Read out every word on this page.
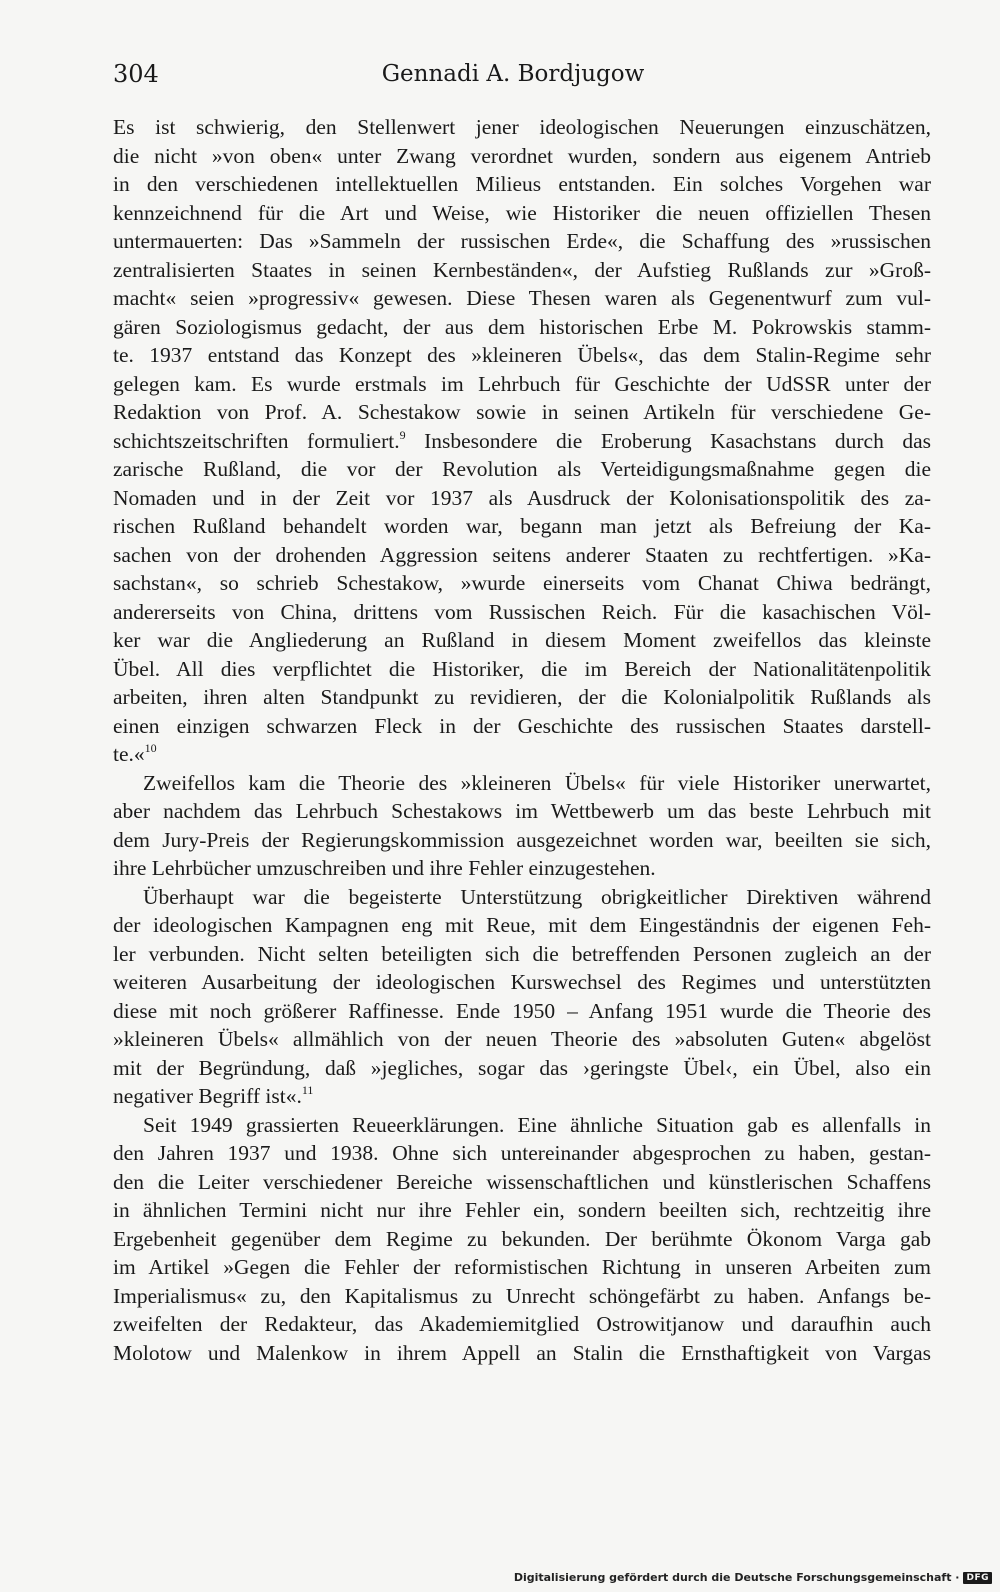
304	Gennadi A. Bordjugow
Es ist schwierig, den Stellenwert jener ideologischen Neuerungen einzuschätzen,
die nicht »von oben« unter Zwang verordnet wurden, sondern aus eigenem Antrieb
in den verschiedenen intellektuellen Milieus entstanden. Ein solches Vorgehen war
kennzeichnend für die Art und Weise, wie Historiker die neuen offiziellen Thesen
untermauerten: Das »Sammeln der russischen Erde«, die Schaffung des »russischen
zentralisierten Staates in seinen Kernbeständen«, der Aufstieg Rußlands zur »Groß-
macht« seien »progressiv« gewesen. Diese Thesen waren als Gegenentwurf zum vul-
gären Soziologismus gedacht, der aus dem historischen Erbe M. Pokrowskis stamm-
te. 1937 entstand das Konzept des »kleineren Übels«, das dem Stalin-Regime sehr
gelegen kam. Es wurde erstmals im Lehrbuch für Geschichte der UdSSR unter der
Redaktion von Prof. A. Schestakow sowie in seinen Artikeln für verschiedene Ge-
schichtszeitschriften formuliert.$^9$ Insbesondere die Eroberung Kasachstans durch das
zarische Rußland, die vor der Revolution als Verteidigungsmaßnahme gegen die
Nomaden und in der Zeit vor 1937 als Ausdruck der Kolonisationspolitik des za-
rischen Rußland behandelt worden war, begann man jetzt als Befreiung der Ka-
sachen von der drohenden Aggression seitens anderer Staaten zu rechtfertigen. »Ka-
sachstan«, so schrieb Schestakow, »wurde einerseits vom Chanat Chiwa bedrängt,
andererseits von China, drittens vom Russischen Reich. Für die kasachischen Völ-
ker war die Angliederung an Rußland in diesem Moment zweifellos das kleinste
Übel. All dies verpflichtet die Historiker, die im Bereich der Nationalitätenpolitik
arbeiten, ihren alten Standpunkt zu revidieren, der die Kolonialpolitik Rußlands als
einen einzigen schwarzen Fleck in der Geschichte des russischen Staates darstell-
te.«$^{10}$
Zweifellos kam die Theorie des »kleineren Übels« für viele Historiker unerwartet,
aber nachdem das Lehrbuch Schestakows im Wettbewerb um das beste Lehrbuch mit
dem Jury-Preis der Regierungskommission ausgezeichnet worden war, beeilten sie sich,
ihre Lehrbücher umzuschreiben und ihre Fehler einzugestehen.
Überhaupt war die begeisterte Unterstützung obrigkeitlicher Direktiven während
der ideologischen Kampagnen eng mit Reue, mit dem Eingeständnis der eigenen Feh-
ler verbunden. Nicht selten beteiligten sich die betreffenden Personen zugleich an der
weiteren Ausarbeitung der ideologischen Kurswechsel des Regimes und unterstützten
diese mit noch größerer Raffinesse. Ende 1950 – Anfang 1951 wurde die Theorie des
»kleineren Übels« allmählich von der neuen Theorie des »absoluten Guten« abgelöst
mit der Begründung, daß »jegliches, sogar das ›geringste Übel‹, ein Übel, also ein
negativer Begriff ist«.$^{11}$
Seit 1949 grassierten Reueerklärungen. Eine ähnliche Situation gab es allenfalls in
den Jahren 1937 und 1938. Ohne sich untereinander abgesprochen zu haben, gestan-
den die Leiter verschiedener Bereiche wissenschaftlichen und künstlerischen Schaffens
in ähnlichen Termini nicht nur ihre Fehler ein, sondern beeilten sich, rechtzeitig ihre
Ergebenheit gegenüber dem Regime zu bekunden. Der berühmte Ökonom Varga gab
im Artikel »Gegen die Fehler der reformistischen Richtung in unseren Arbeiten zum
Imperialismus« zu, den Kapitalismus zu Unrecht schöngefärbt zu haben. Anfangs be-
zweifelten der Redakteur, das Akademiemitglied Ostrowitjanow und daraufhin auch
Molotow und Malenkow in ihrem Appell an Stalin die Ernsthaftigkeit von Vargas
Digitalisierung gefördert durch die Deutsche Forschungsgemeinschaft · DFG
